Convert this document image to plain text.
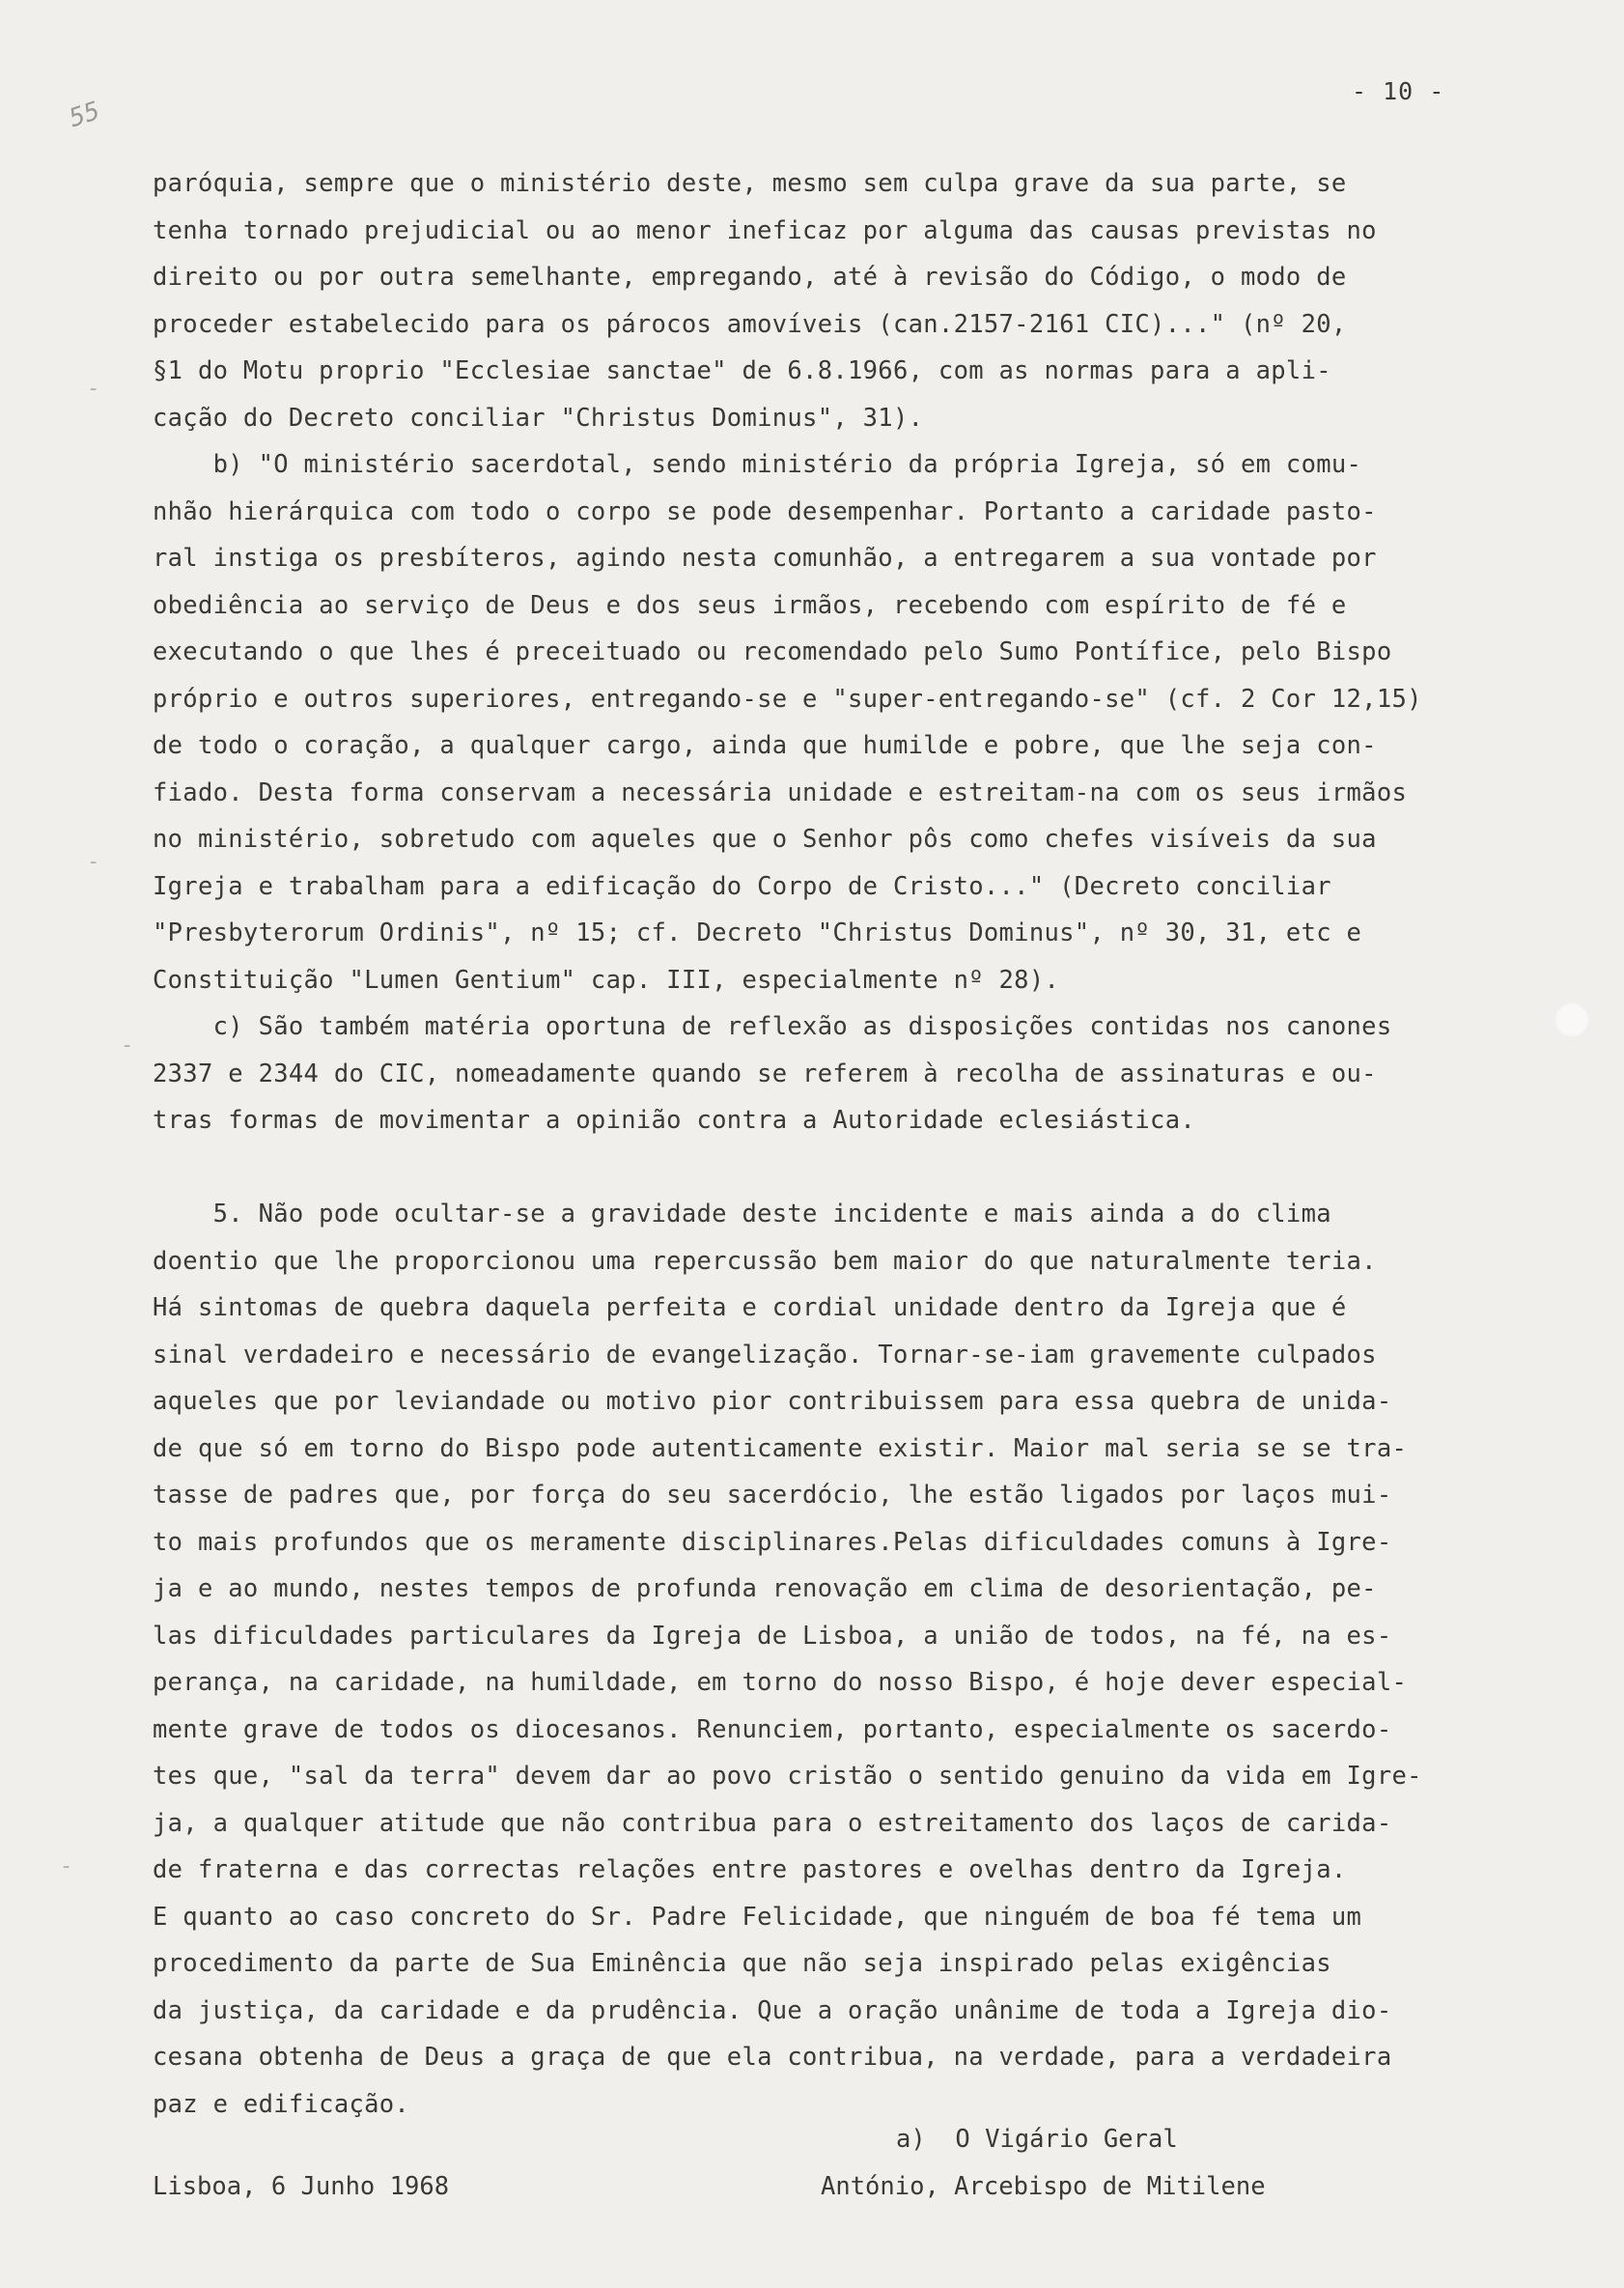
55
- 10 -
-
-
-
-
paróquia, sempre que o ministério deste, mesmo sem culpa grave da sua parte, se
tenha tornado prejudicial ou ao menor ineficaz por alguma das causas previstas no
direito ou por outra semelhante, empregando, até à revisão do Código, o modo de
proceder estabelecido para os párocos amovíveis (can.2157-2161 CIC)..." (nº 20,
§1 do Motu proprio "Ecclesiae sanctae" de 6.8.1966, com as normas para a apli-
cação do Decreto conciliar "Christus Dominus", 31).
b) "O ministério sacerdotal, sendo ministério da própria Igreja, só em comu-
nhão hierárquica com todo o corpo se pode desempenhar. Portanto a caridade pasto-
ral instiga os presbíteros, agindo nesta comunhão, a entregarem a sua vontade por
obediência ao serviço de Deus e dos seus irmãos, recebendo com espírito de fé e
executando o que lhes é preceituado ou recomendado pelo Sumo Pontífice, pelo Bispo
próprio e outros superiores, entregando-se e "super-entregando-se" (cf. 2 Cor 12,15)
de todo o coração, a qualquer cargo, ainda que humilde e pobre, que lhe seja con-
fiado. Desta forma conservam a necessária unidade e estreitam-na com os seus irmãos
no ministério, sobretudo com aqueles que o Senhor pôs como chefes visíveis da sua
Igreja e trabalham para a edificação do Corpo de Cristo..." (Decreto conciliar
"Presbyterorum Ordinis", nº 15; cf. Decreto "Christus Dominus", nº 30, 31, etc e
Constituição "Lumen Gentium" cap. III, especialmente nº 28).
c) São também matéria oportuna de reflexão as disposições contidas nos canones
2337 e 2344 do CIC, nomeadamente quando se referem à recolha de assinaturas e ou-
tras formas de movimentar a opinião contra a Autoridade eclesiástica.
5. Não pode ocultar-se a gravidade deste incidente e mais ainda a do clima
doentio que lhe proporcionou uma repercussão bem maior do que naturalmente teria.
Há sintomas de quebra daquela perfeita e cordial unidade dentro da Igreja que é
sinal verdadeiro e necessário de evangelização. Tornar-se-iam gravemente culpados
aqueles que por leviandade ou motivo pior contribuissem para essa quebra de unida-
de que só em torno do Bispo pode autenticamente existir. Maior mal seria se se tra-
tasse de padres que, por força do seu sacerdócio, lhe estão ligados por laços mui-
to mais profundos que os meramente disciplinares.Pelas dificuldades comuns à Igre-
ja e ao mundo, nestes tempos de profunda renovação em clima de desorientação, pe-
las dificuldades particulares da Igreja de Lisboa, a união de todos, na fé, na es-
perança, na caridade, na humildade, em torno do nosso Bispo, é hoje dever especial-
mente grave de todos os diocesanos. Renunciem, portanto, especialmente os sacerdo-
tes que, "sal da terra" devem dar ao povo cristão o sentido genuino da vida em Igre-
ja, a qualquer atitude que não contribua para o estreitamento dos laços de carida-
de fraterna e das correctas relações entre pastores e ovelhas dentro da Igreja.
E quanto ao caso concreto do Sr. Padre Felicidade, que ninguém de boa fé tema um
procedimento da parte de Sua Eminência que não seja inspirado pelas exigências
da justiça, da caridade e da prudência. Que a oração unânime de toda a Igreja dio-
cesana obtenha de Deus a graça de que ela contribua, na verdade, para a verdadeira
paz e edificação.
a)  O Vigário Geral
Lisboa, 6 Junho 1968	António, Arcebispo de Mitilene
